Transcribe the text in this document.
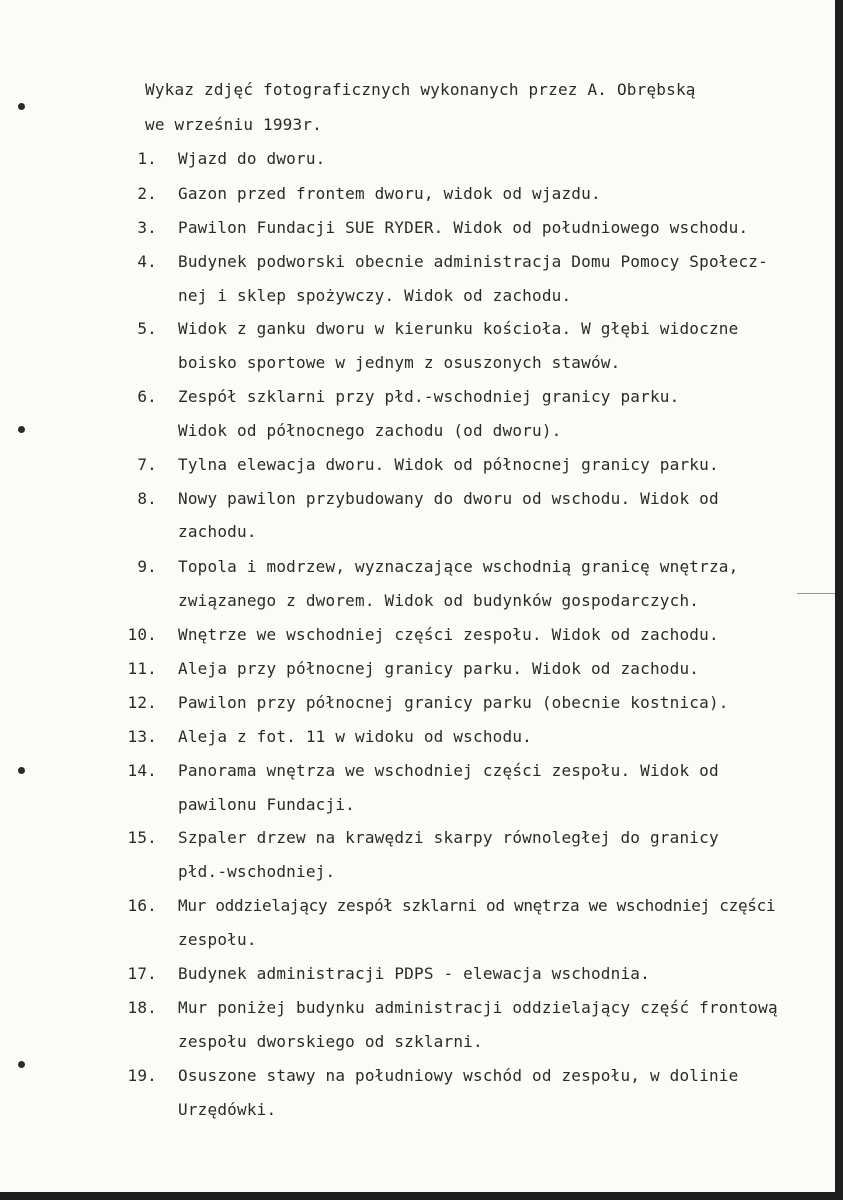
Wykaz zdjęć fotograficznych wykonanych przez A. Obrębską
we wrześniu 1993r.
1. Wjazd do dworu.
2. Gazon przed frontem dworu, widok od wjazdu.
3. Pawilon Fundacji SUE RYDER. Widok od południowego wschodu.
4. Budynek podworski obecnie administracja Domu Pomocy Społecz-
nej i sklep spożywczy. Widok od zachodu.
5. Widok z ganku dworu w kierunku kościoła. W głębi widoczne
boisko sportowe w jednym z osuszonych stawów.
6. Zespół szklarni przy płd.-wschodniej granicy parku.
Widok od północnego zachodu (od dworu).
7. Tylna elewacja dworu. Widok od północnej granicy parku.
8. Nowy pawilon przybudowany do dworu od wschodu. Widok od
zachodu.
9. Topola i modrzew, wyznaczające wschodnią granicę wnętrza,
związanego z dworem. Widok od budynków gospodarczych.
10. Wnętrze we wschodniej części zespołu. Widok od zachodu.
11. Aleja przy północnej granicy parku. Widok od zachodu.
12. Pawilon przy północnej granicy parku (obecnie kostnica).
13. Aleja z fot. 11 w widoku od wschodu.
14. Panorama wnętrza we wschodniej części zespołu. Widok od
pawilonu Fundacji.
15. Szpaler drzew na krawędzi skarpy równoległej do granicy
płd.-wschodniej.
16. Mur oddzielający zespół szklarni od wnętrza we wschodniej części
zespołu.
17. Budynek administracji PDPS - elewacja wschodnia.
18. Mur poniżej budynku administracji oddzielający część frontową
zespołu dworskiego od szklarni.
19. Osuszone stawy na południowy wschód od zespołu, w dolinie
Urzędówki.
